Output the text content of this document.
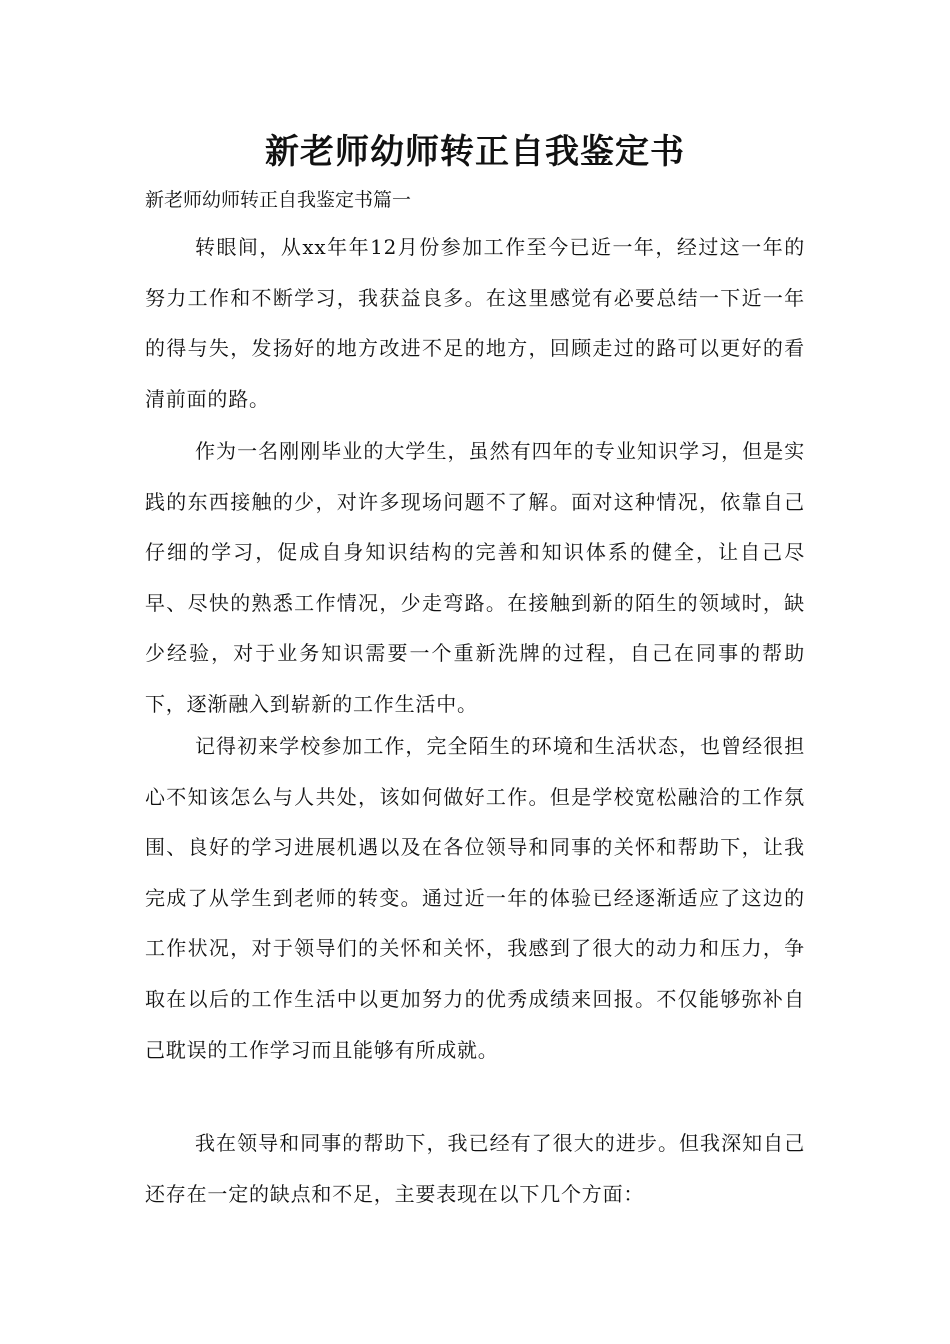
新老师幼师转正自我鉴定书

新老师幼师转正自我鉴定书篇一

转眼间，从xx年年12月份参加工作至今已近一年，经过这一年的努力工作和不断学习，我获益良多。在这里感觉有必要总结一下近一年的得与失，发扬好的地方改进不足的地方，回顾走过的路可以更好的看清前面的路。

作为一名刚刚毕业的大学生，虽然有四年的专业知识学习，但是实践的东西接触的少，对许多现场问题不了解。面对这种情况，依靠自己仔细的学习，促成自身知识结构的完善和知识体系的健全，让自己尽早、尽快的熟悉工作情况，少走弯路。在接触到新的陌生的领域时，缺少经验，对于业务知识需要一个重新洗牌的过程，自己在同事的帮助下，逐渐融入到崭新的工作生活中。

记得初来学校参加工作，完全陌生的环境和生活状态，也曾经很担心不知该怎么与人共处，该如何做好工作。但是学校宽松融洽的工作氛围、良好的学习进展机遇以及在各位领导和同事的关怀和帮助下，让我完成了从学生到老师的转变。通过近一年的体验已经逐渐适应了这边的工作状况，对于领导们的关怀和关怀，我感到了很大的动力和压力，争取在以后的工作生活中以更加努力的优秀成绩来回报。不仅能够弥补自己耽误的工作学习而且能够有所成就。

我在领导和同事的帮助下，我已经有了很大的进步。但我深知自己还存在一定的缺点和不足，主要表现在以下几个方面：
